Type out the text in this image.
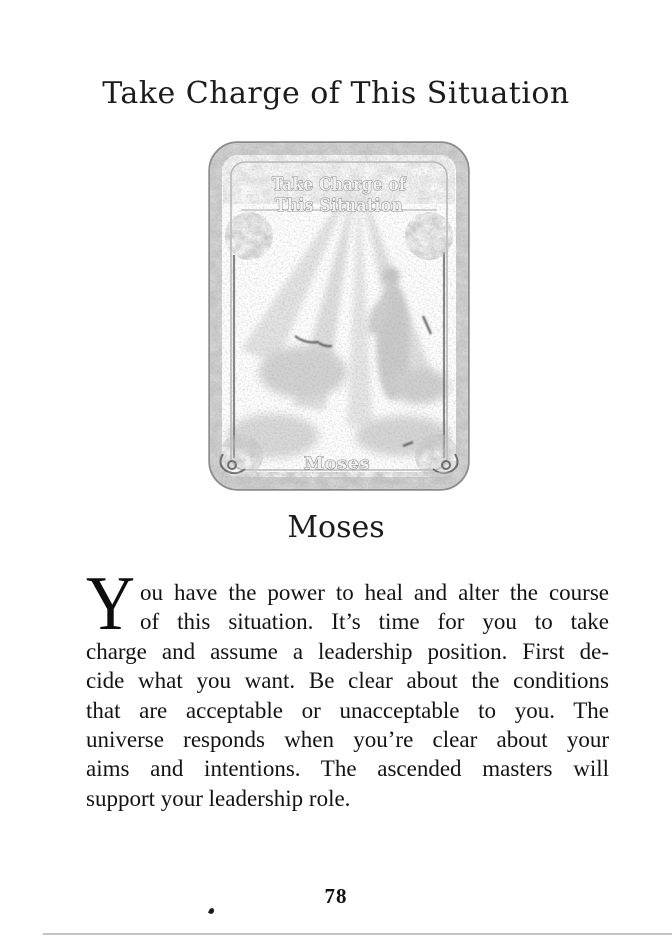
Take Charge of This Situation
Take Charge of
This Situation
Moses
Moses
Y ou have the power to heal and alter the course
of this situation. It’s time for you to take
charge and assume a leadership position. First de-
cide what you want. Be clear about the conditions
that are acceptable or unacceptable to you. The
universe responds when you’re clear about your
aims and intentions. The ascended masters will
support your leadership role.
78
